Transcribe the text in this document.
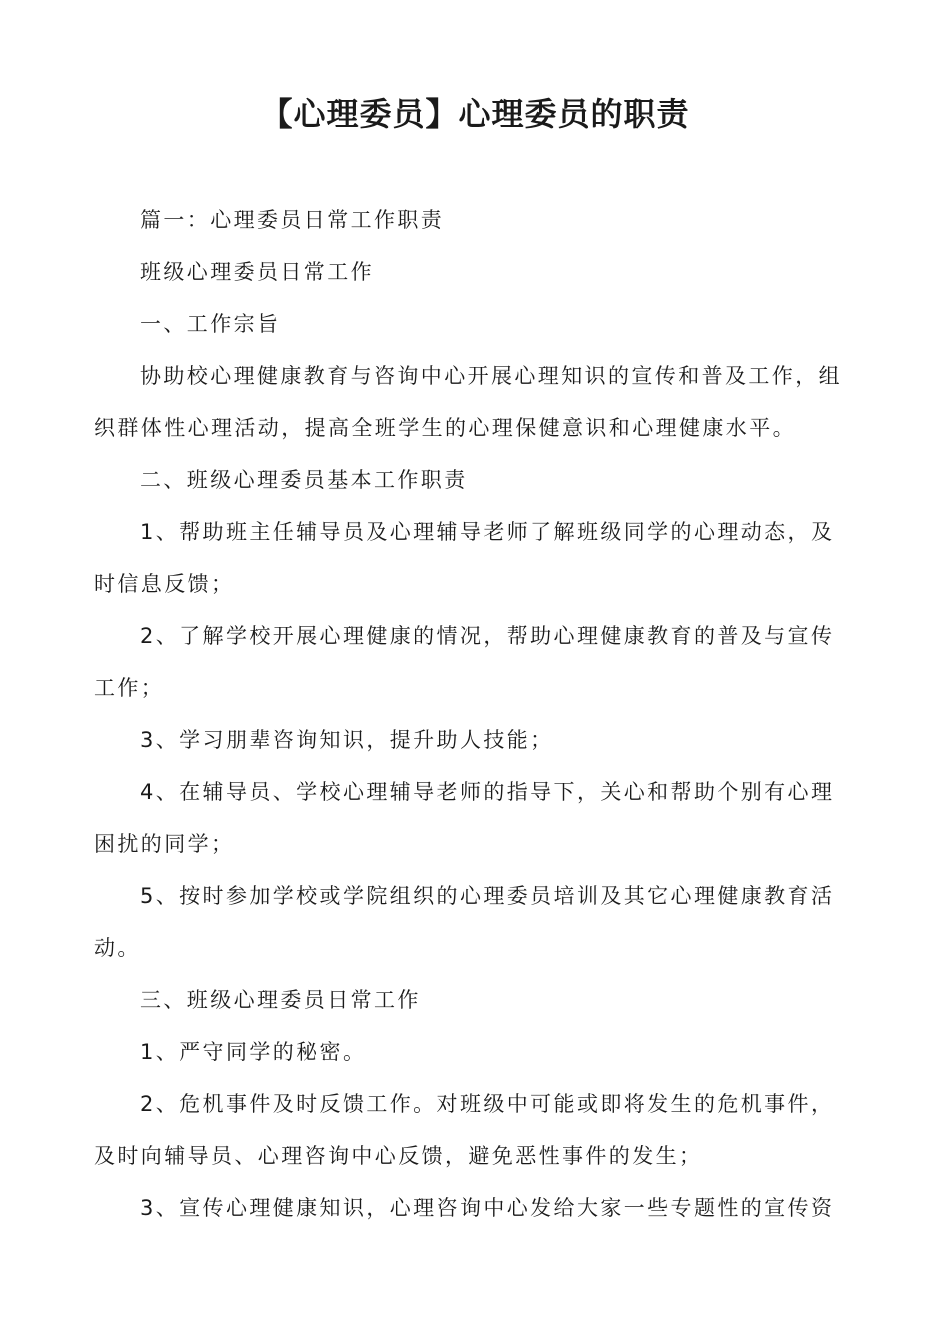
【心理委员】心理委员的职责

篇一：心理委员日常工作职责

班级心理委员日常工作

一、工作宗旨

协助校心理健康教育与咨询中心开展心理知识的宣传和普及工作，组织群体性心理活动，提高全班学生的心理保健意识和心理健康水平。

二、班级心理委员基本工作职责

1、帮助班主任辅导员及心理辅导老师了解班级同学的心理动态，及时信息反馈；

2、了解学校开展心理健康的情况，帮助心理健康教育的普及与宣传工作；

3、学习朋辈咨询知识，提升助人技能；

4、在辅导员、学校心理辅导老师的指导下，关心和帮助个别有心理困扰的同学；

5、按时参加学校或学院组织的心理委员培训及其它心理健康教育活动。

三、班级心理委员日常工作

1、严守同学的秘密。

2、危机事件及时反馈工作。对班级中可能或即将发生的危机事件，及时向辅导员、心理咨询中心反馈，避免恶性事件的发生；

3、宣传心理健康知识，心理咨询中心发给大家一些专题性的宣传资
